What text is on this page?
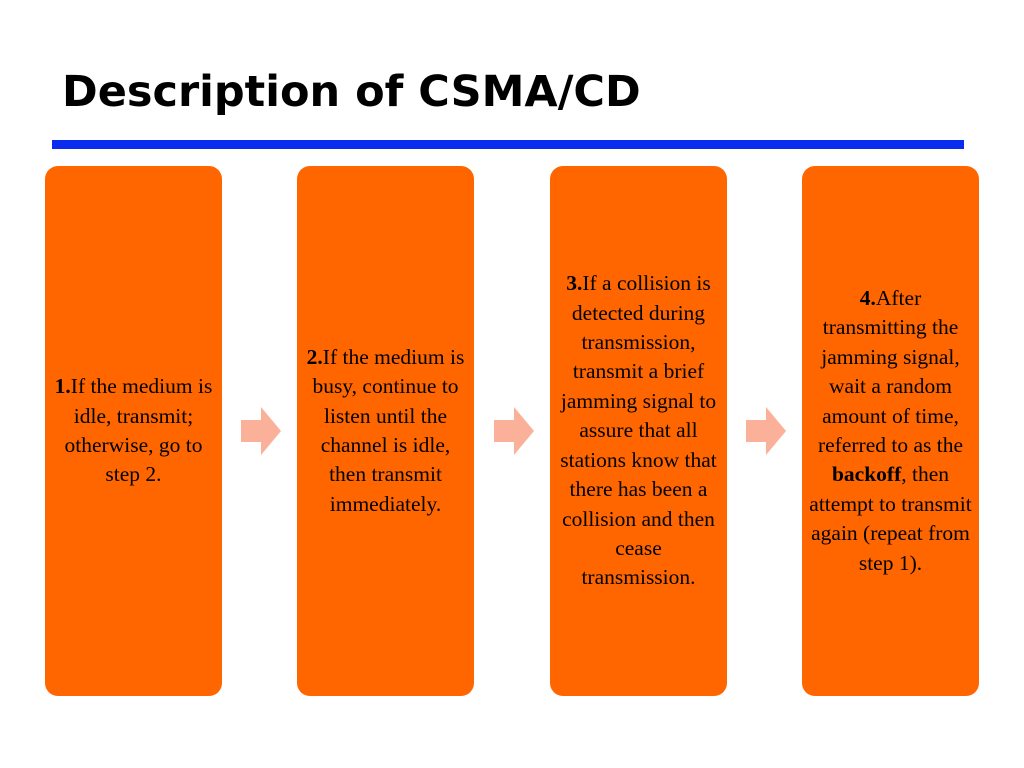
Description of CSMA/CD
1.If the medium is idle, transmit; otherwise, go to step 2.
2.If the medium is busy, continue to listen until the channel is idle, then transmit immediately.
3.If a collision is detected during transmission, transmit a brief jamming signal to assure that all stations know that there has been a collision and then cease transmission.
4.After transmitting the jamming signal, wait a random amount of time, referred to as the backoff, then attempt to transmit again (repeat from step 1).
